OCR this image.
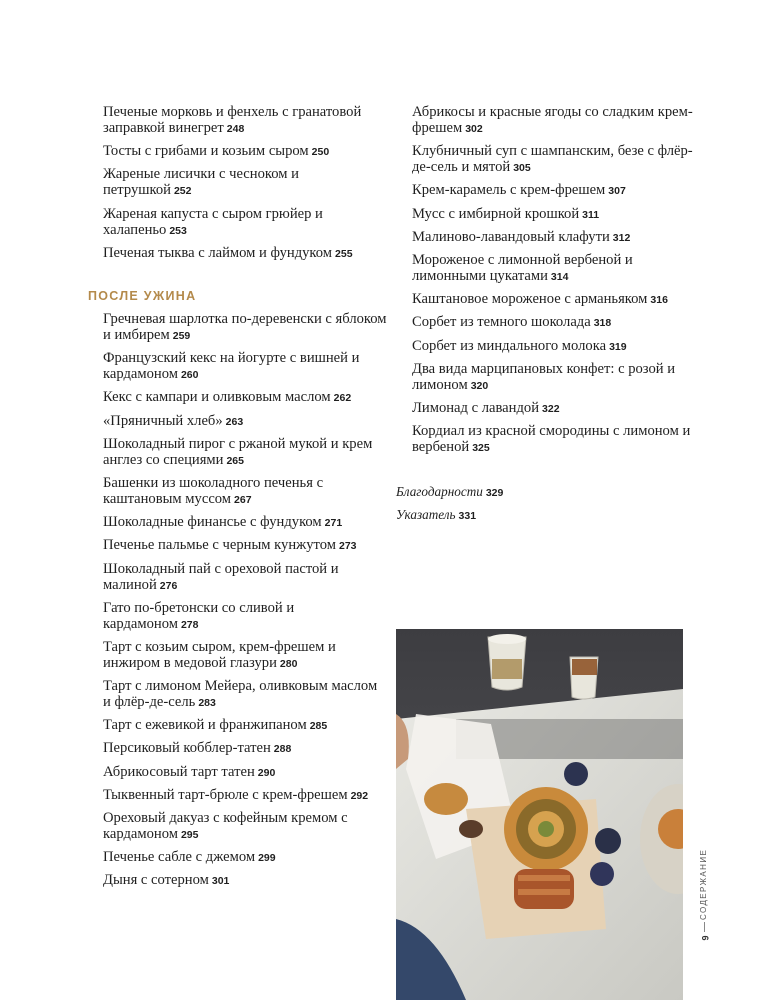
Печеные морковь и фенхель с гранатовой заправкой винегрет 248

Тосты с грибами и козьим сыром 250

Жареные лисички с чесноком и петрушкой 252

Жареная капуста с сыром грюйер и халапеньо 253

Печеная тыква с лаймом и фундуком 255

ПОСЛЕ УЖИНА

Гречневая шарлотка по-деревенски с яблоком и имбирем 259

Французский кекс на йогурте с вишней и кардамоном 260

Кекс с кампари и оливковым маслом 262

«Пряничный хлеб» 263

Шоколадный пирог с ржаной мукой и крем англез со специями 265

Башенки из шоколадного печенья с каштановым муссом 267

Шоколадные финансье с фундуком 271

Печенье пальмье с черным кунжутом 273

Шоколадный пай с ореховой пастой и малиной 276

Гато по-бретонски со сливой и кардамоном 278

Тарт с козьим сыром, крем-фрешем и инжиром в медовой глазури 280

Тарт с лимоном Мейера, оливковым маслом и флёр-де-сель 283

Тарт с ежевикой и франжипаном 285

Персиковый кобблер-татен 288

Абрикосовый тарт татен 290

Тыквенный тарт-брюле с крем-фрешем 292

Ореховый дакуаз с кофейным кремом с кардамоном 295

Печенье сабле с джемом 299

Дыня с сотерном 301

Абрикосы и красные ягоды со сладким крем-фрешем 302

Клубничный суп с шампанским, безе с флёр-де-сель и мятой 305

Крем-карамель с крем-фрешем 307

Мусс с имбирной крошкой 311

Малиново-лавандовый клафути 312

Мороженое с лимонной вербеной и лимонными цукатами 314

Каштановое мороженое с арманьяком 316

Сорбет из темного шоколада 318

Сорбет из миндального молока 319

Два вида марципановых конфет: с розой и лимоном 320

Лимонад с лавандой 322

Кордиал из красной смородины с лимоном и вербеной 325

Благодарности 329

Указатель 331

СОДЕРЖАНИЕ
9
